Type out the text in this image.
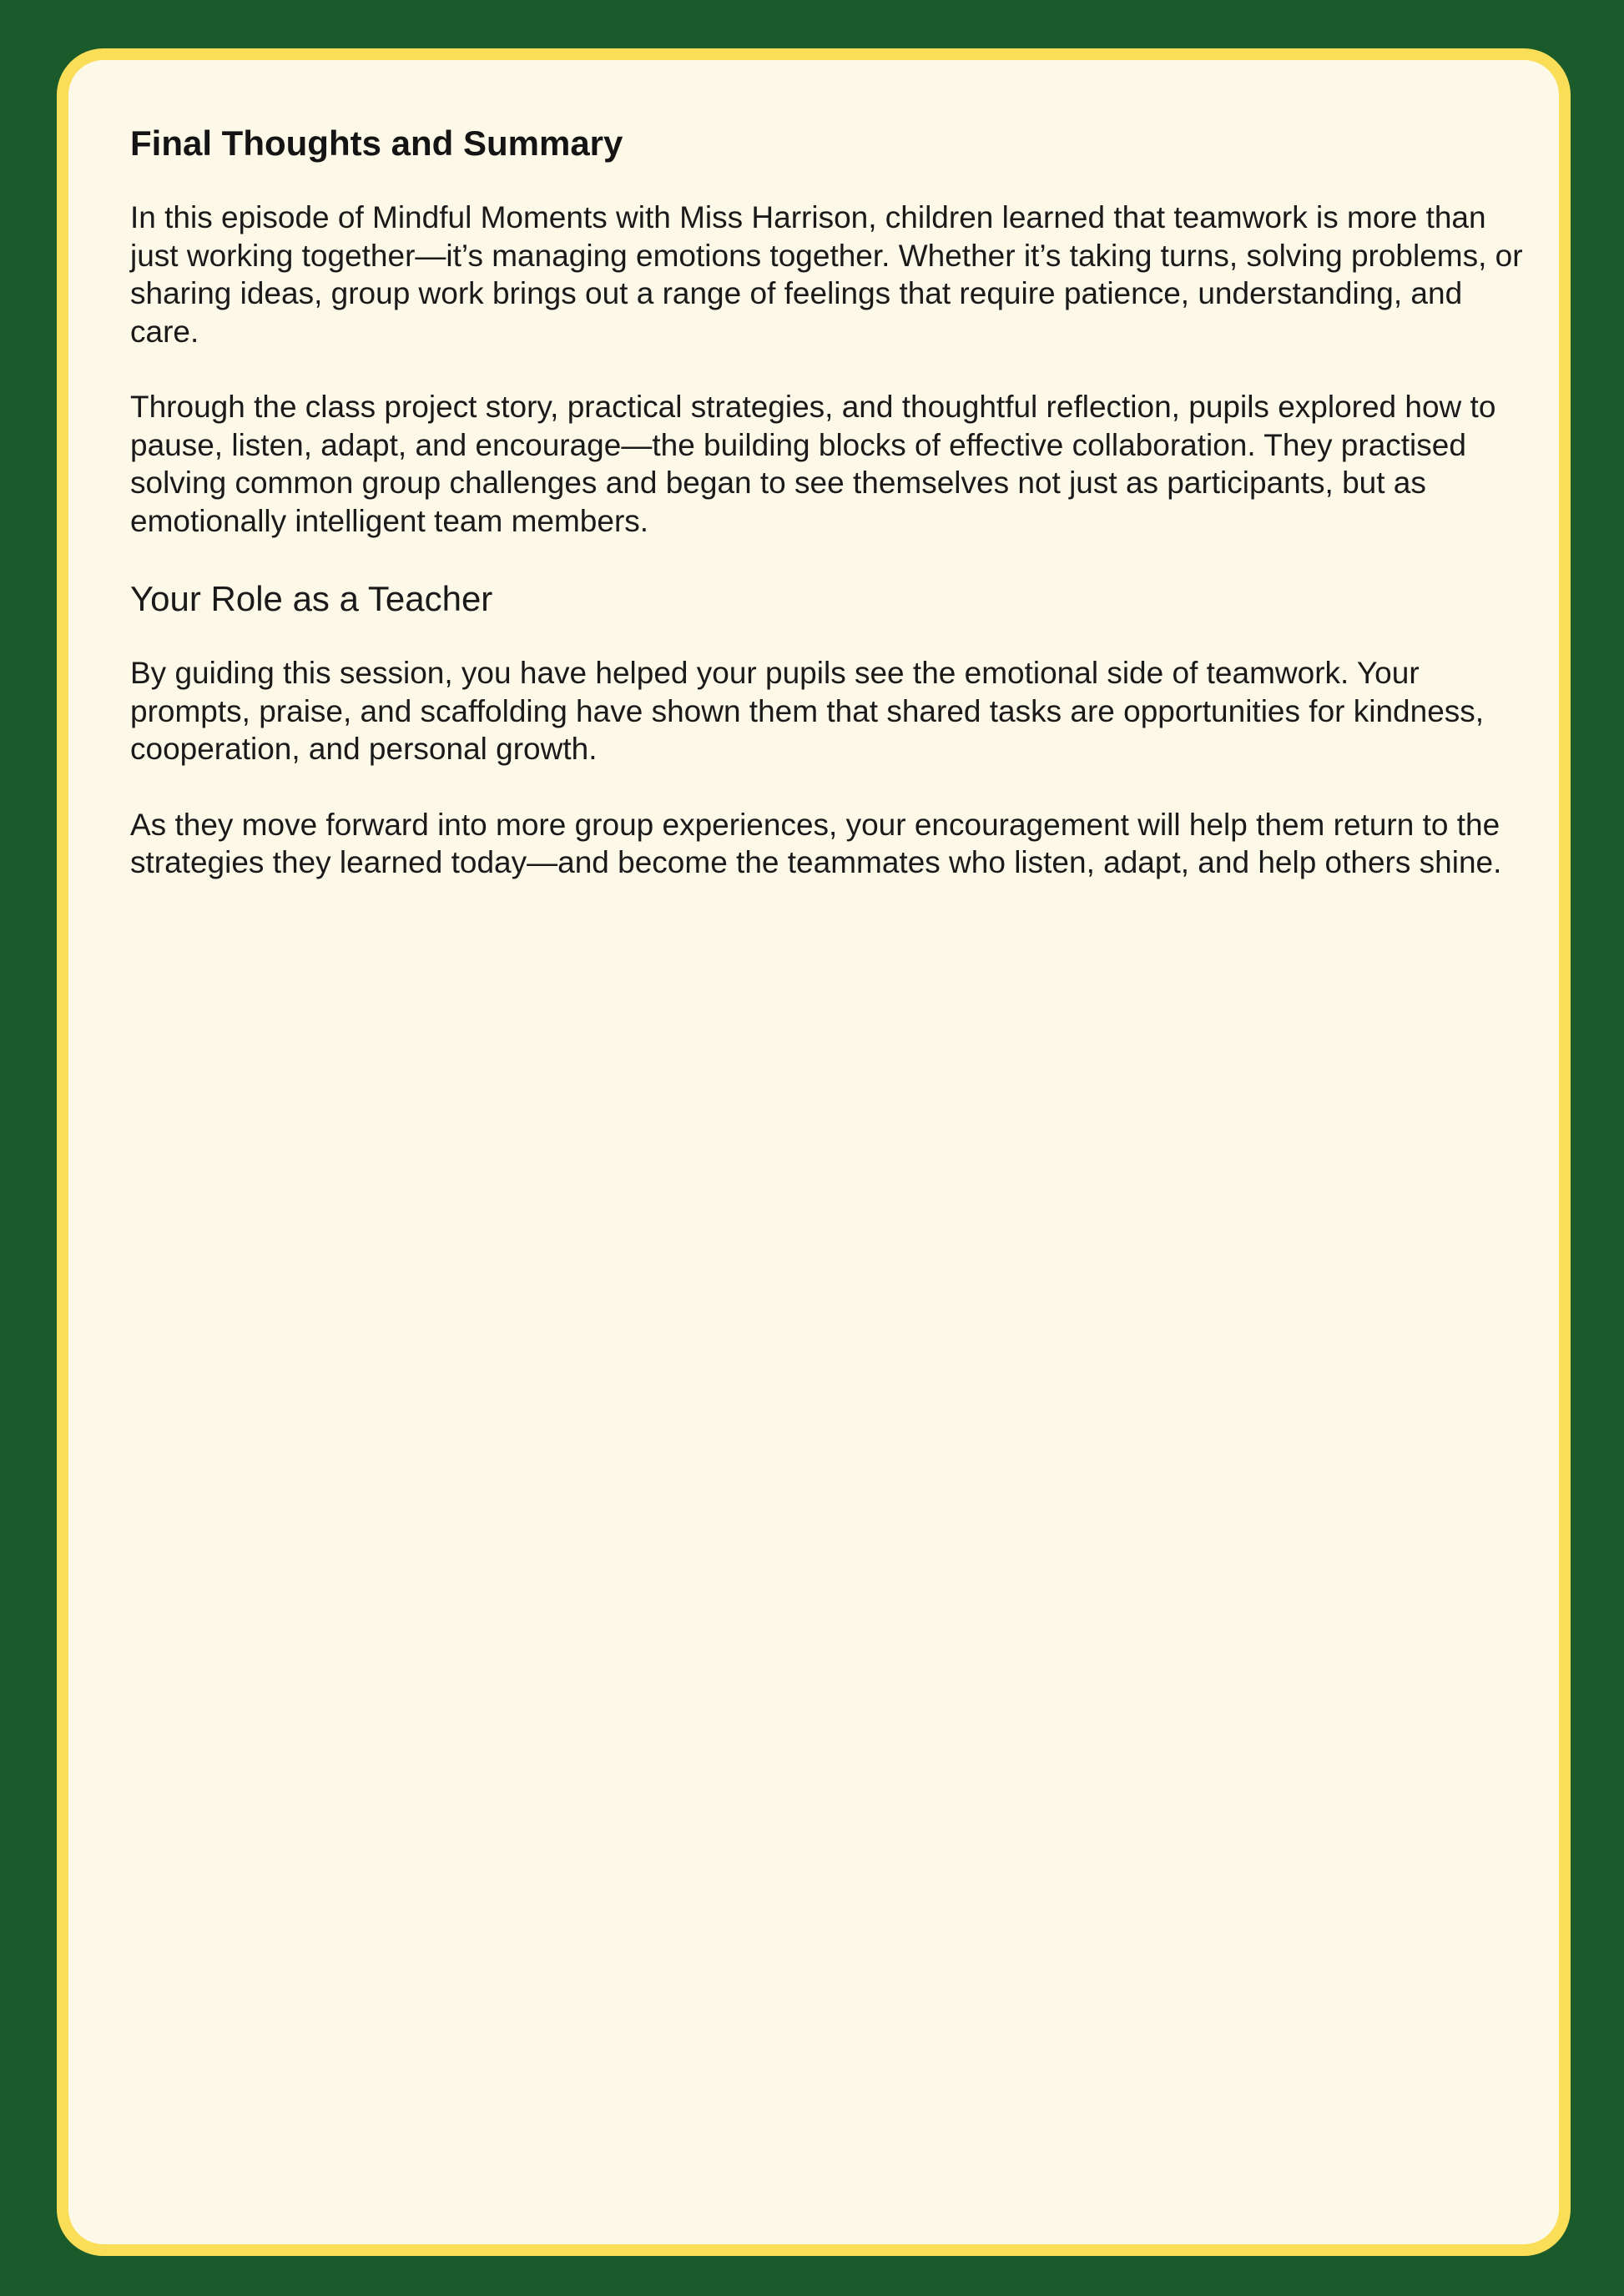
Final Thoughts and Summary

In this episode of Mindful Moments with Miss Harrison, children learned that teamwork is more than just working together—it’s managing emotions together. Whether it’s taking turns, solving problems, or sharing ideas, group work brings out a range of feelings that require patience, understanding, and care.

Through the class project story, practical strategies, and thoughtful reflection, pupils explored how to pause, listen, adapt, and encourage—the building blocks of effective collaboration. They practised solving common group challenges and began to see themselves not just as participants, but as emotionally intelligent team members.

Your Role as a Teacher

By guiding this session, you have helped your pupils see the emotional side of teamwork. Your prompts, praise, and scaffolding have shown them that shared tasks are opportunities for kindness, cooperation, and personal growth.

As they move forward into more group experiences, your encouragement will help them return to the strategies they learned today—and become the teammates who listen, adapt, and help others shine.
